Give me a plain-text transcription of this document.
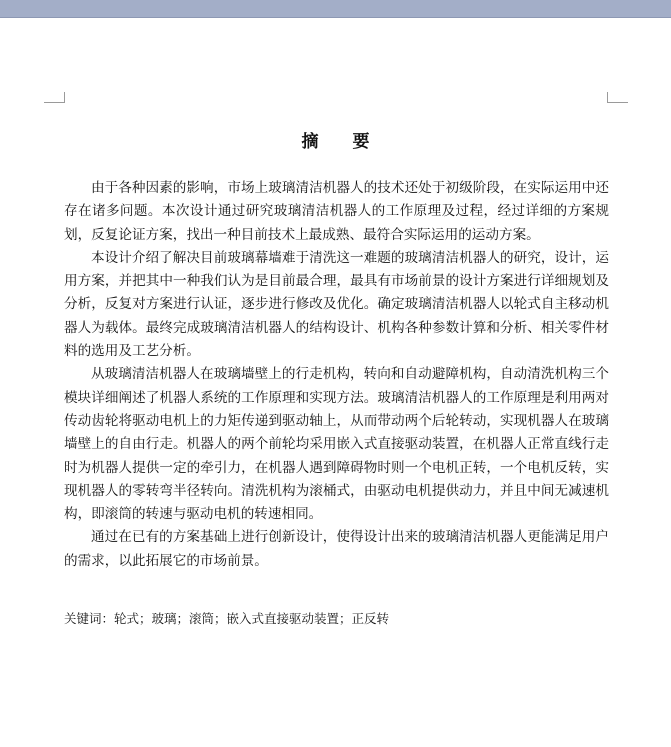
摘 要

由于各种因素的影响，市场上玻璃清洁机器人的技术还处于初级阶段，在实际运用中还存在诸多问题。本次设计通过研究玻璃清洁机器人的工作原理及过程，经过详细的方案规划，反复论证方案，找出一种目前技术上最成熟、最符合实际运用的运动方案。

本设计介绍了解决目前玻璃幕墙难于清洗这一难题的玻璃清洁机器人的研究，设计，运用方案，并把其中一种我们认为是目前最合理，最具有市场前景的设计方案进行详细规划及分析，反复对方案进行认证，逐步进行修改及优化。确定玻璃清洁机器人以轮式自主移动机器人为载体。最终完成玻璃清洁机器人的结构设计、机构各种参数计算和分析、相关零件材料的选用及工艺分析。

从玻璃清洁机器人在玻璃墙壁上的行走机构，转向和自动避障机构，自动清洗机构三个模块详细阐述了机器人系统的工作原理和实现方法。玻璃清洁机器人的工作原理是利用两对传动齿轮将驱动电机上的力矩传递到驱动轴上，从而带动两个后轮转动，实现机器人在玻璃墙壁上的自由行走。机器人的两个前轮均采用嵌入式直接驱动装置，在机器人正常直线行走时为机器人提供一定的牵引力，在机器人遇到障碍物时则一个电机正转，一个电机反转，实现机器人的零转弯半径转向。清洗机构为滚桶式，由驱动电机提供动力，并且中间无减速机构，即滚筒的转速与驱动电机的转速相同。

通过在已有的方案基础上进行创新设计，使得设计出来的玻璃清洁机器人更能满足用户的需求，以此拓展它的市场前景。

关键词：轮式；玻璃；滚筒；嵌入式直接驱动装置；正反转
